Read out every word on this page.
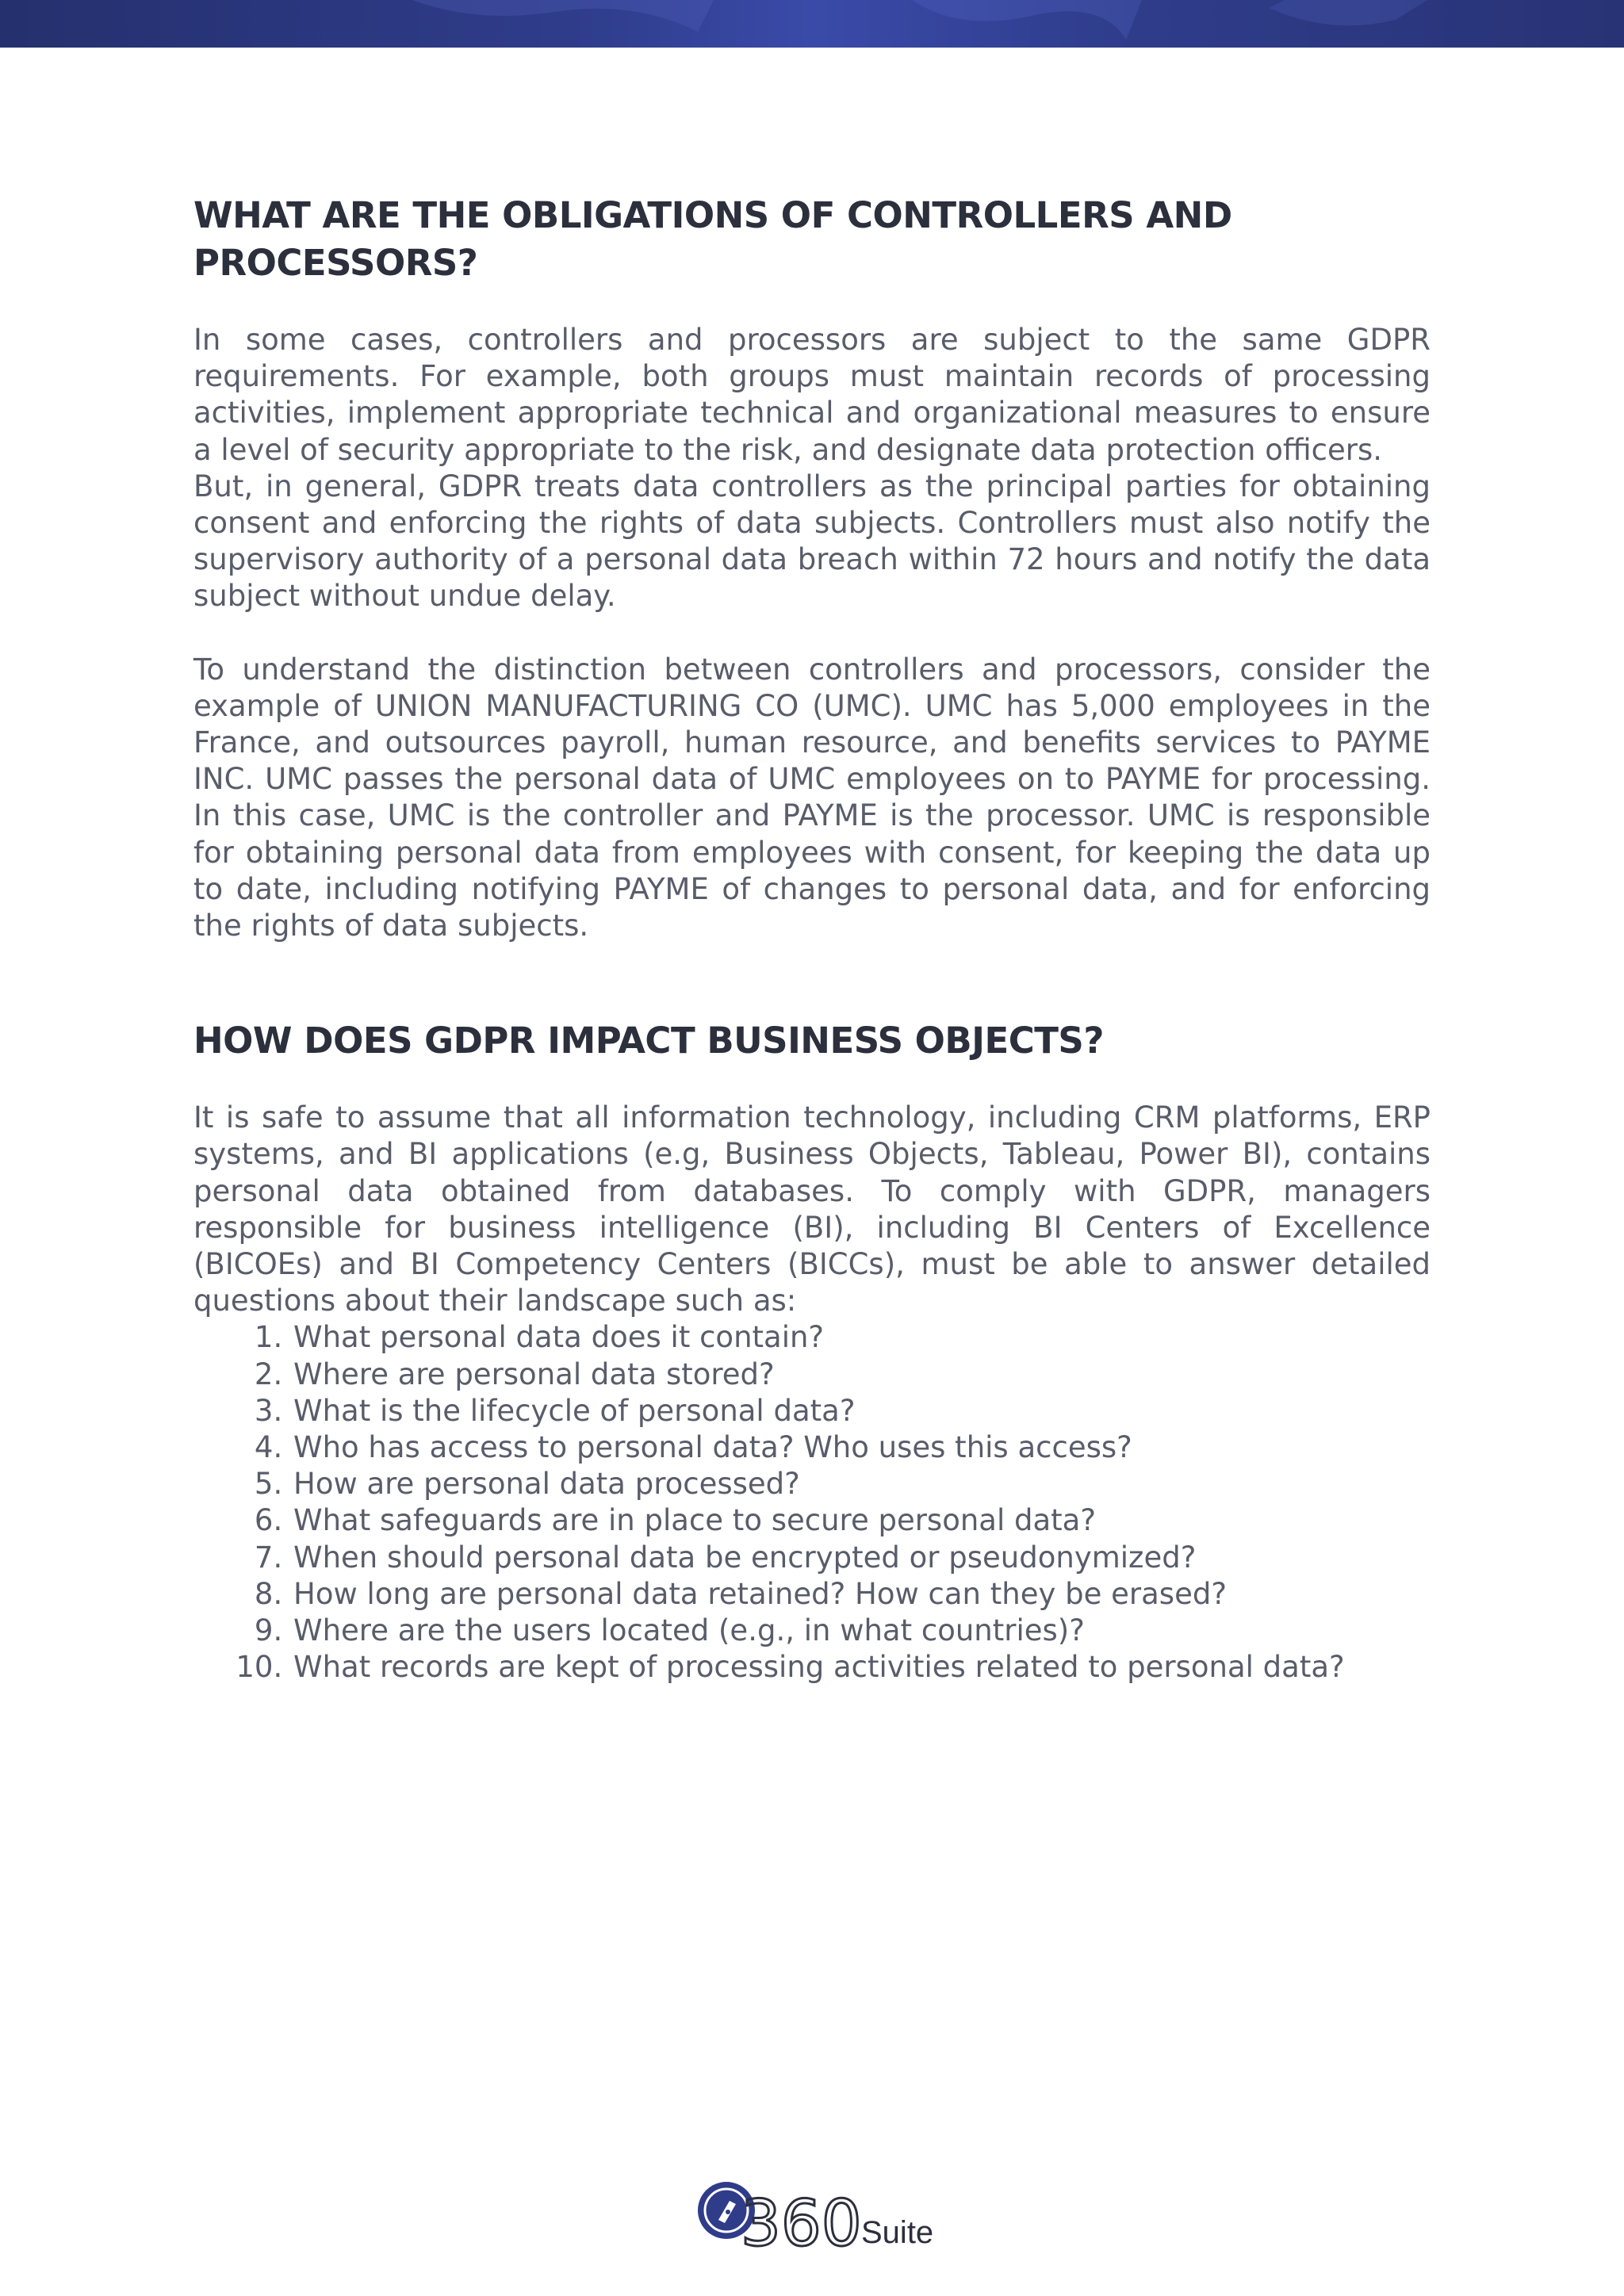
WHAT ARE THE OBLIGATIONS OF CONTROLLERS AND PROCESSORS?

In some cases, controllers and processors are subject to the same GDPR requirements. For example, both groups must maintain records of processing activities, implement appropriate technical and organizational measures to ensure a level of security appropriate to the risk, and designate data protection officers.

But, in general, GDPR treats data controllers as the principal parties for obtaining consent and enforcing the rights of data subjects. Controllers must also notify the supervisory authority of a personal data breach within 72 hours and notify the data subject without undue delay.

To understand the distinction between controllers and processors, consider the example of UNION MANUFACTURING CO (UMC). UMC has 5,000 employees in the France, and outsources payroll, human resource, and benefits services to PAYME INC. UMC passes the personal data of UMC employees on to PAYME for processing. In this case, UMC is the controller and PAYME is the processor. UMC is responsible for obtaining personal data from employees with consent, for keeping the data up to date, including notifying PAYME of changes to personal data, and for enforcing the rights of data subjects.

HOW DOES GDPR IMPACT BUSINESS OBJECTS?

It is safe to assume that all information technology, including CRM platforms, ERP systems, and BI applications (e.g, Business Objects, Tableau, Power BI), contains personal data obtained from databases. To comply with GDPR, managers responsible for business intelligence (BI), including BI Centers of Excellence (BICOEs) and BI Competency Centers (BICCs), must be able to answer detailed questions about their landscape such as:

1. What personal data does it contain?
2. Where are personal data stored?
3. What is the lifecycle of personal data?
4. Who has access to personal data? Who uses this access?
5. How are personal data processed?
6. What safeguards are in place to secure personal data?
7. When should personal data be encrypted or pseudonymized?
8. How long are personal data retained? How can they be erased?
9. Where are the users located (e.g., in what countries)?
10. What records are kept of processing activities related to personal data?
360 Suite
